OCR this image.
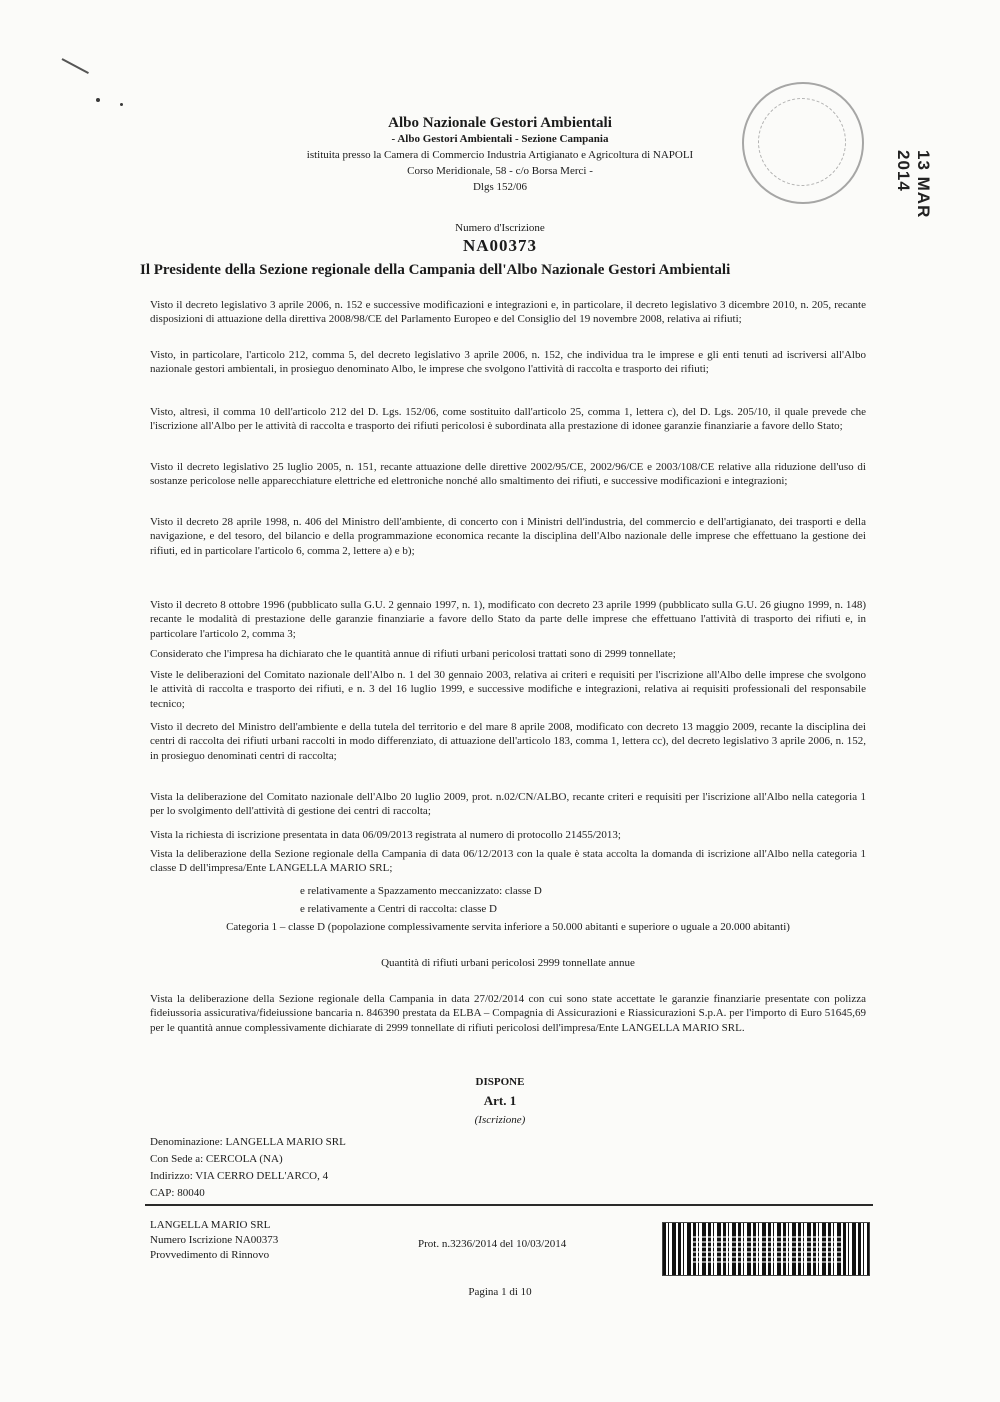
13 MAR 2014
Albo Nazionale Gestori Ambientali
- Albo Gestori Ambientali - Sezione Campania
istituita presso la Camera di Commercio Industria Artigianato e Agricoltura di NAPOLI
Corso Meridionale, 58 - c/o Borsa Merci -
Dlgs 152/06
Numero d'Iscrizione
NA00373
Il Presidente della Sezione regionale della Campania dell'Albo Nazionale Gestori Ambientali

Visto il decreto legislativo 3 aprile 2006, n. 152 e successive modificazioni e integrazioni e, in particolare, il decreto legislativo 3 dicembre 2010, n. 205, recante disposizioni di attuazione della direttiva 2008/98/CE del Parlamento Europeo e del Consiglio del 19 novembre 2008, relativa ai rifiuti;

Visto, in particolare, l'articolo 212, comma 5, del decreto legislativo 3 aprile 2006, n. 152, che individua tra le imprese e gli enti tenuti ad iscriversi all'Albo nazionale gestori ambientali, in prosieguo denominato Albo, le imprese che svolgono l'attività di raccolta e trasporto dei rifiuti;

Visto, altresì, il comma 10 dell'articolo 212 del D. Lgs. 152/06, come sostituito dall'articolo 25, comma 1, lettera c), del D. Lgs. 205/10, il quale prevede che l'iscrizione all'Albo per le attività di raccolta e trasporto dei rifiuti pericolosi è subordinata alla prestazione di idonee garanzie finanziarie a favore dello Stato;

Visto il decreto legislativo 25 luglio 2005, n. 151, recante attuazione delle direttive 2002/95/CE, 2002/96/CE e 2003/108/CE relative alla riduzione dell'uso di sostanze pericolose nelle apparecchiature elettriche ed elettroniche nonché allo smaltimento dei rifiuti, e successive modificazioni e integrazioni;

Visto il decreto 28 aprile 1998, n. 406 del Ministro dell'ambiente, di concerto con i Ministri dell'industria, del commercio e dell'artigianato, dei trasporti e della navigazione, e del tesoro, del bilancio e della programmazione economica recante la disciplina dell'Albo nazionale delle imprese che effettuano la gestione dei rifiuti, ed in particolare l'articolo 6, comma 2, lettere a) e b);

Visto il decreto 8 ottobre 1996 (pubblicato sulla G.U. 2 gennaio 1997, n. 1), modificato con decreto 23 aprile 1999 (pubblicato sulla G.U. 26 giugno 1999, n. 148) recante le modalità di prestazione delle garanzie finanziarie a favore dello Stato da parte delle imprese che effettuano l'attività di trasporto dei rifiuti e, in particolare l'articolo 2, comma 3;

Considerato che l'impresa ha dichiarato che le quantità annue di rifiuti urbani pericolosi trattati sono di 2999 tonnellate;

Viste le deliberazioni del Comitato nazionale dell'Albo n. 1 del 30 gennaio 2003, relativa ai criteri e requisiti per l'iscrizione all'Albo delle imprese che svolgono le attività di raccolta e trasporto dei rifiuti, e n. 3 del 16 luglio 1999, e successive modifiche e integrazioni, relativa ai requisiti professionali del responsabile tecnico;

Visto il decreto del Ministro dell'ambiente e della tutela del territorio e del mare 8 aprile 2008, modificato con decreto 13 maggio 2009, recante la disciplina dei centri di raccolta dei rifiuti urbani raccolti in modo differenziato, di attuazione dell'articolo 183, comma 1, lettera cc), del decreto legislativo 3 aprile 2006, n. 152, in prosieguo denominati centri di raccolta;

Vista la deliberazione del Comitato nazionale dell'Albo 20 luglio 2009, prot. n.02/CN/ALBO, recante criteri e requisiti per l'iscrizione all'Albo nella categoria 1 per lo svolgimento dell'attività di gestione dei centri di raccolta;

Vista la richiesta di iscrizione presentata in data 06/09/2013 registrata al numero di protocollo 21455/2013;

Vista la deliberazione della Sezione regionale della Campania di data 06/12/2013 con la quale è stata accolta la domanda di iscrizione all'Albo nella categoria 1 classe D dell'impresa/Ente LANGELLA MARIO SRL;

e relativamente a Spazzamento meccanizzato: classe D
e relativamente a Centri di raccolta: classe D
Categoria 1 – classe D (popolazione complessivamente servita inferiore a 50.000 abitanti e superiore o uguale a 20.000 abitanti)
Quantità di rifiuti urbani pericolosi 2999 tonnellate annue

Vista la deliberazione della Sezione regionale della Campania in data 27/02/2014 con cui sono state accettate le garanzie finanziarie presentate con polizza fideiussoria assicurativa/fideiussione bancaria n. 846390 prestata da ELBA – Compagnia di Assicurazioni e Riassicurazioni S.p.A. per l'importo di Euro 51645,69 per le quantità annue complessivamente dichiarate di 2999 tonnellate di rifiuti pericolosi dell'impresa/Ente LANGELLA MARIO SRL.

DISPONE
Art. 1
(Iscrizione)
Denominazione: LANGELLA MARIO SRL
Con Sede a: CERCOLA (NA)
Indirizzo: VIA CERRO DELL'ARCO, 4
CAP: 80040
LANGELLA MARIO SRL
Numero Iscrizione NA00373
Provvedimento di Rinnovo
Prot. n.3236/2014 del 10/03/2014
Pagina 1 di 10
